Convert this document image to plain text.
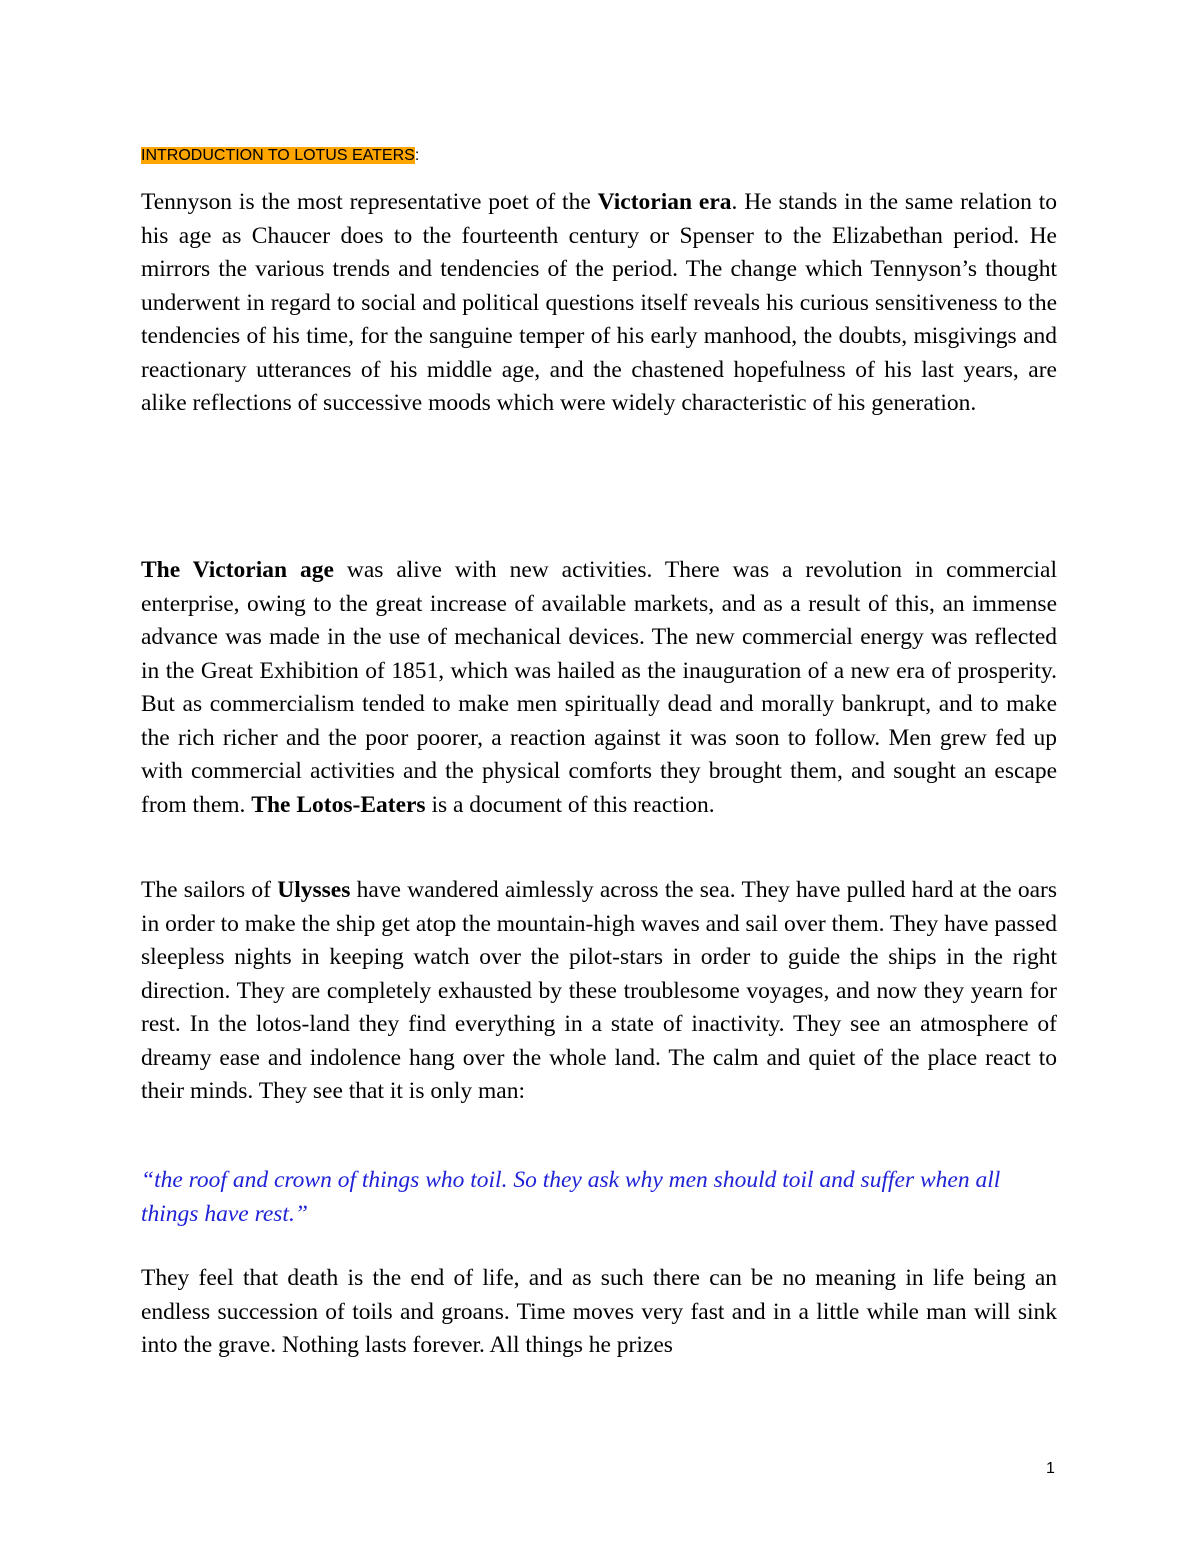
INTRODUCTION TO LOTUS EATERS:

Tennyson is the most representative poet of the Victorian era. He stands in the same relation to his age as Chaucer does to the fourteenth century or Spenser to the Elizabethan period. He mirrors the various trends and tendencies of the period. The change which Tennyson’s thought underwent in regard to social and political questions itself reveals his curious sensitiveness to the tendencies of his time, for the sanguine temper of his early manhood, the doubts, misgivings and reactionary utterances of his middle age, and the chastened hopefulness of his last years, are alike reflections of successive moods which were widely characteristic of his generation.

The Victorian age was alive with new activities. There was a revolution in commercial enterprise, owing to the great increase of available markets, and as a result of this, an immense advance was made in the use of mechanical devices. The new commercial energy was reflected in the Great Exhibition of 1851, which was hailed as the inauguration of a new era of prosperity. But as commercialism tended to make men spiritually dead and morally bankrupt, and to make the rich richer and the poor poorer, a reaction against it was soon to follow. Men grew fed up with commercial activities and the physical comforts they brought them, and sought an escape from them. The Lotos-Eaters is a document of this reaction.

The sailors of Ulysses have wandered aimlessly across the sea. They have pulled hard at the oars in order to make the ship get atop the mountain-high waves and sail over them. They have passed sleepless nights in keeping watch over the pilot-stars in order to guide the ships in the right direction. They are completely exhausted by these troublesome voyages, and now they yearn for rest. In the lotos-land they find everything in a state of inactivity. They see an atmosphere of dreamy ease and indolence hang over the whole land. The calm and quiet of the place react to their minds. They see that it is only man:

“the roof and crown of things who toil. So they ask why men should toil and suffer when all things have rest.”

They feel that death is the end of life, and as such there can be no meaning in life being an endless succession of toils and groans. Time moves very fast and in a little while man will sink into the grave. Nothing lasts forever. All things he prizes

1
